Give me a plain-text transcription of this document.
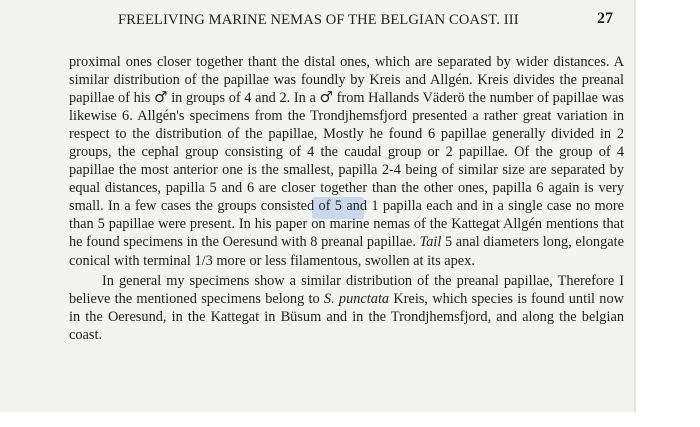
FREELIVING MARINE NEMAS OF THE BELGIAN COAST. III	27

proximal ones closer together thant the distal ones, which are separated by wider distances. A similar distribution of the papillae was foundly by Kreis and Allgén. Kreis divides the preanal papillae of his ♂ in groups of 4 and 2. In a ♂ from Hallands Väderö the number of papillae was likewise 6. Allgén's specimens from the Trondjhemsfjord presented a rather great variation in respect to the distribution of the papillae, Mostly he found 6 papillae generally divided in 2 groups, the cephal group consisting of 4 the caudal group or 2 papillae. Of the group of 4 papillae the most anterior one is the smallest, papilla 2-4 being of similar size are separated by equal distances, papilla 5 and 6 are closer together than the other ones, papilla 6 again is very small. In a few cases the groups consisted of 5 and 1 papilla each and in a single case no more than 5 papillae were present. In his paper on marine nemas of the Kattegat Allgén mentions that he found specimens in the Oeresund with 8 preanal papillae. Tail 5 anal diameters long, elongate conical with terminal 1/3 more or less filamentous, swollen at its apex.

In general my specimens show a similar distribution of the preanal papillae, Therefore I believe the mentioned specimens belong to S. punctata Kreis, which species is found until now in the Oeresund, in the Kattegat in Büsum and in the Trondjhemsfjord, and along the belgian coast.
